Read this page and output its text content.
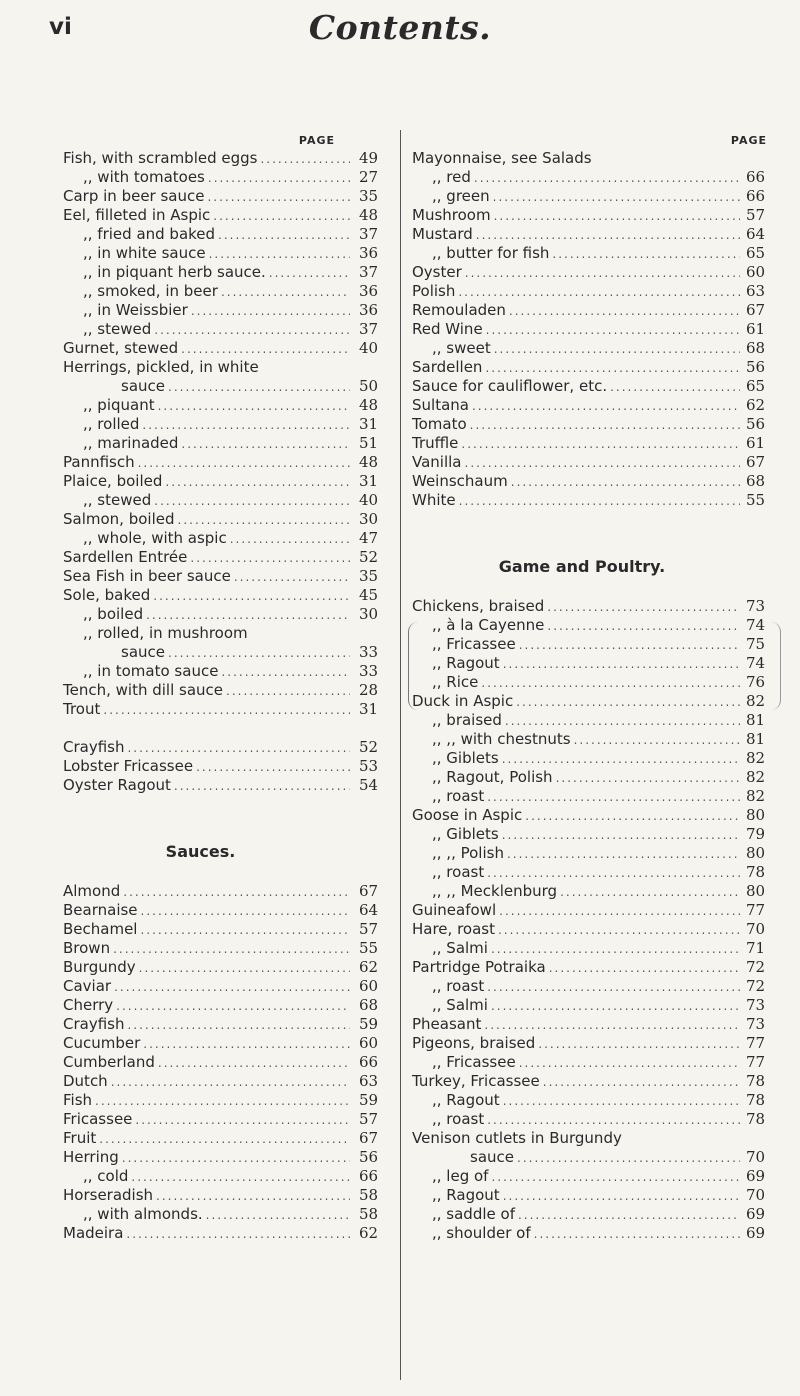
vi	Contents.
PAGE
Fish, with scrambled eggs .....	49
,, with tomatoes .....	27
Carp in beer sauce .....	35
Eel, filleted in Aspic .....	48
,, fried and baked .....	37
,, in white sauce .....	36
,, in piquant herb sauce. .....	37
,, smoked, in beer .....	36
,, in Weissbier .....	36
,, stewed .....	37
Gurnet, stewed .....	40
Herrings, pickled, in white
sauce .....	50
,, piquant .....	48
,, rolled .....	31
,, marinaded .....	51
Pannfisch .....	48
Plaice, boiled .....	31
,, stewed .....	40
Salmon, boiled .....	30
,, whole, with aspic .....	47
Sardellen Entrée .....	52
Sea Fish in beer sauce .....	35
Sole, baked .....	45
,, boiled .....	30
,, rolled, in mushroom
sauce .....	33
,, in tomato sauce .....	33
Tench, with dill sauce .....	28
Trout .....	31
Crayfish .....	52
Lobster Fricassee .....	53
Oyster Ragout .....	54
Sauces.
Almond .....	67
Bearnaise .....	64
Bechamel .....	57
Brown .....	55
Burgundy .....	62
Caviar .....	60
Cherry .....	68
Crayfish .....	59
Cucumber .....	60
Cumberland .....	66
Dutch .....	63
Fish .....	59
Fricassee .....	57
Fruit .....	67
Herring .....	56
,, cold .....	66
Horseradish .....	58
,, with almonds. .....	58
Madeira .....	62
PAGE
Mayonnaise, see Salads
,, red .....	66
,, green .....	66
Mushroom .....	57
Mustard .....	64
,, butter for fish .....	65
Oyster .....	60
Polish .....	63
Remouladen .....	67
Red Wine .....	61
,, sweet .....	68
Sardellen .....	56
Sauce for cauliflower, etc. .....	65
Sultana .....	62
Tomato .....	56
Truffle .....	61
Vanilla .....	67
Weinschaum .....	68
White .....	55
Game and Poultry.
Chickens, braised .....	73
,, à la Cayenne .....	74
,, Fricassee .....	75
,, Ragout .....	74
,, Rice .....	76
Duck in Aspic .....	82
,, braised .....	81
,, ,, with chestnuts .....	81
,, Giblets .....	82
,, Ragout, Polish .....	82
,, roast .....	82
Goose in Aspic .....	80
,, Giblets .....	79
,, ,, Polish .....	80
,, roast .....	78
,, ,, Mecklenburg .....	80
Guineafowl .....	77
Hare, roast .....	70
,, Salmi .....	71
Partridge Potraika .....	72
,, roast .....	72
,, Salmi .....	73
Pheasant .....	73
Pigeons, braised .....	77
,, Fricassee .....	77
Turkey, Fricassee .....	78
,, Ragout .....	78
,, roast .....	78
Venison cutlets in Burgundy
sauce .....	70
,, leg of .....	69
,, Ragout .....	70
,, saddle of .....	69
,, shoulder of .....	69
